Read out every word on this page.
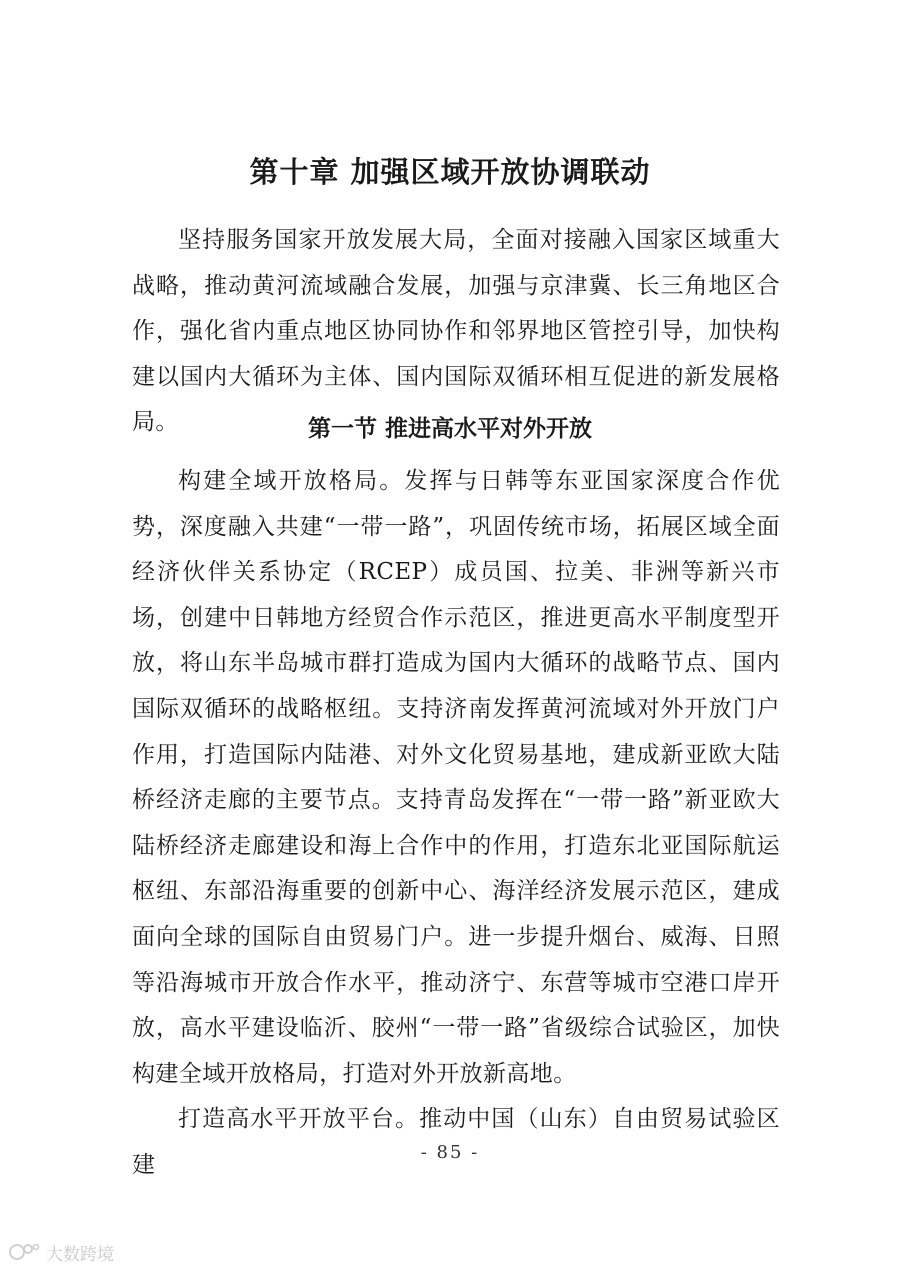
第十章 加强区域开放协调联动

坚持服务国家开放发展大局，全面对接融入国家区域重大战略，推动黄河流域融合发展，加强与京津冀、长三角地区合作，强化省内重点地区协同协作和邻界地区管控引导，加快构建以国内大循环为主体、国内国际双循环相互促进的新发展格局。	第一节 推进高水平对外开放

构建全域开放格局。发挥与日韩等东亚国家深度合作优势，深度融入共建“一带一路”，巩固传统市场，拓展区域全面经济伙伴关系协定（RCEP）成员国、拉美、非洲等新兴市场，创建中日韩地方经贸合作示范区，推进更高水平制度型开放，将山东半岛城市群打造成为国内大循环的战略节点、国内国际双循环的战略枢纽。支持济南发挥黄河流域对外开放门户作用，打造国际内陆港、对外文化贸易基地，建成新亚欧大陆桥经济走廊的主要节点。支持青岛发挥在“一带一路”新亚欧大陆桥经济走廊建设和海上合作中的作用，打造东北亚国际航运枢纽、东部沿海重要的创新中心、海洋经济发展示范区，建成面向全球的国际自由贸易门户。进一步提升烟台、威海、日照等沿海城市开放合作水平，推动济宁、东营等城市空港口岸开放，高水平建设临沂、胶州“一带一路”省级综合试验区，加快构建全域开放格局，打造对外开放新高地。

打造高水平开放平台。推动中国（山东）自由贸易试验区建	- 85 -
大数跨境
